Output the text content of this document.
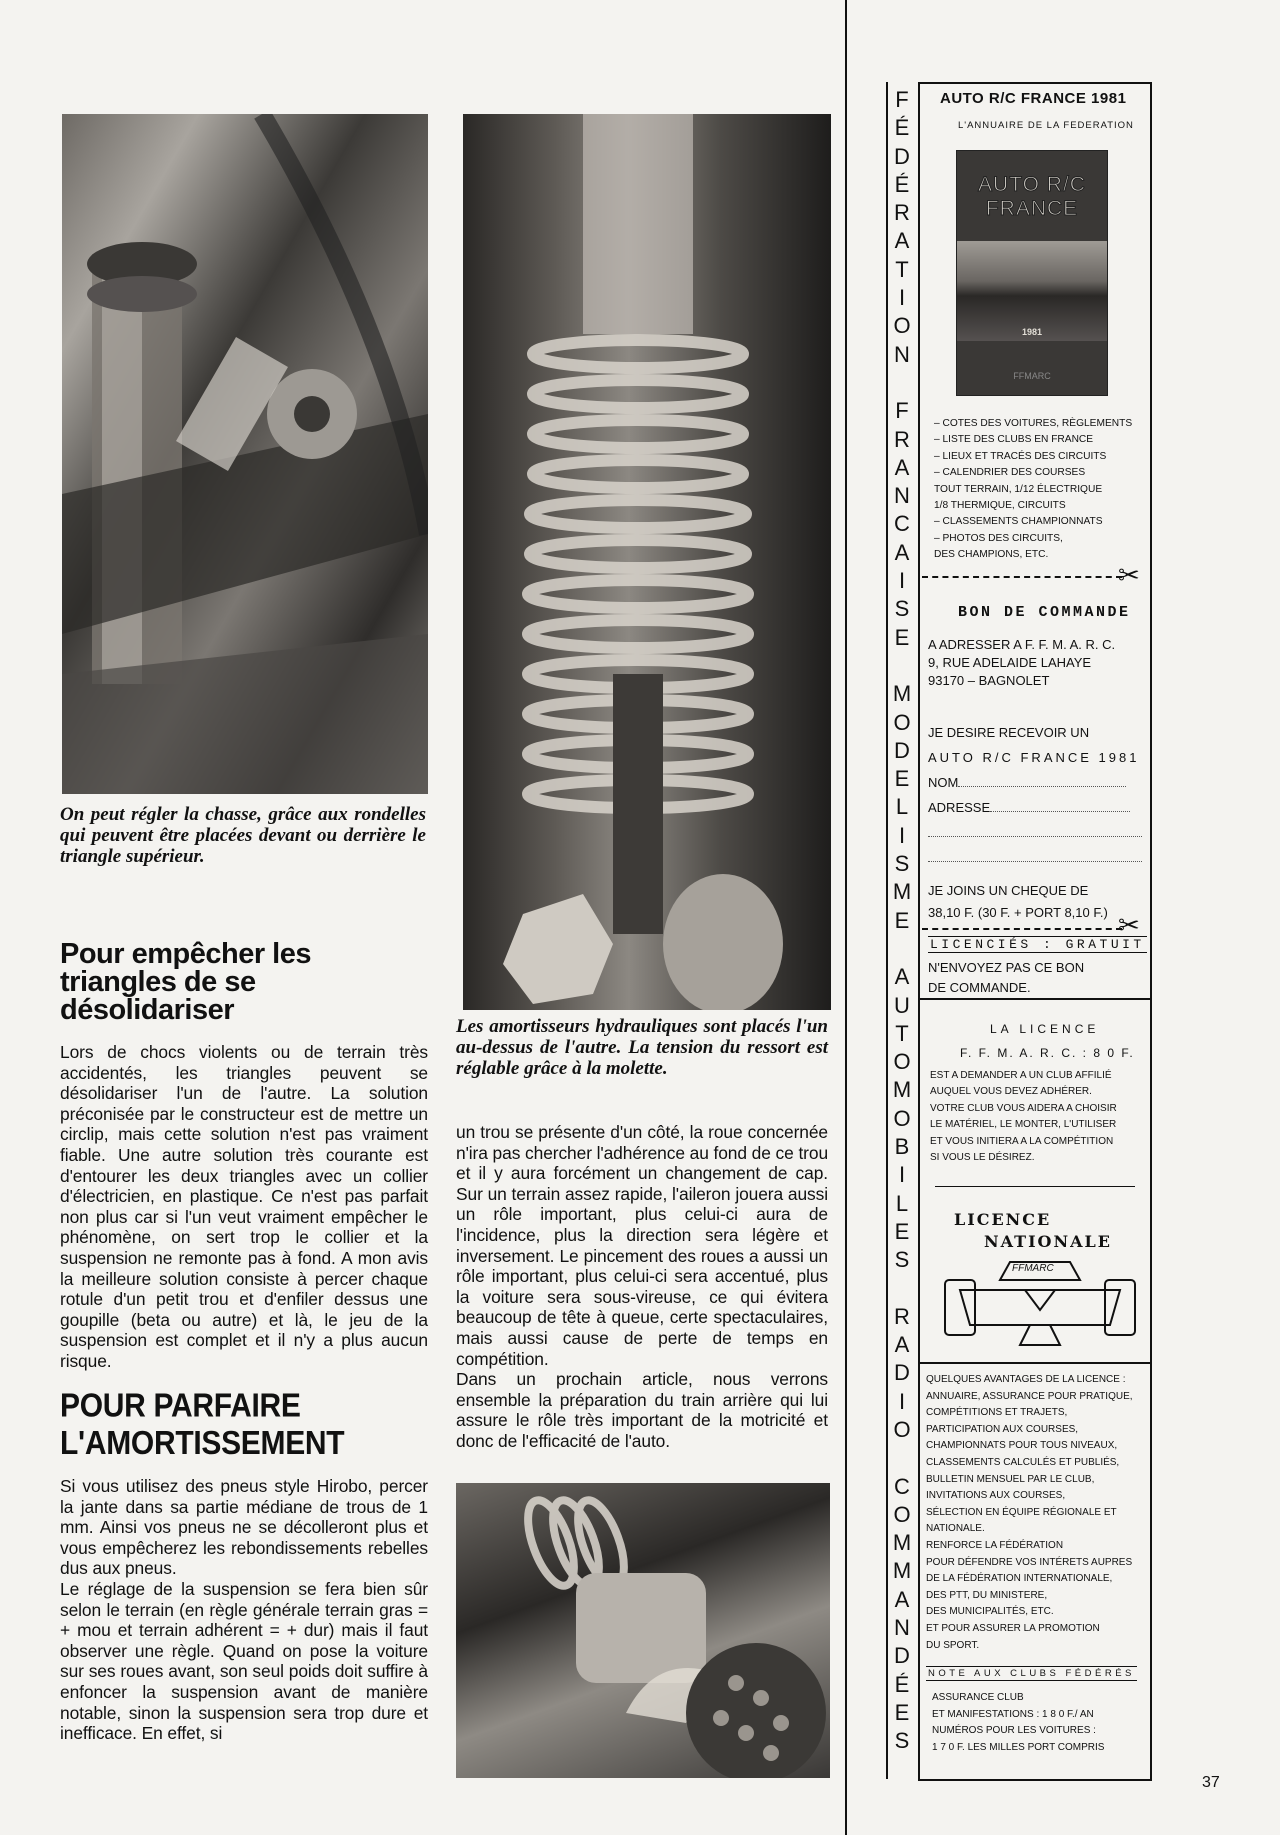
On peut régler la chasse, grâce aux rondelles qui peuvent être placées devant ou derrière le triangle supérieur.

Les amortisseurs hydrauliques sont placés l'un au-dessus de l'autre. La tension du ressort est réglable grâce à la molette.

Pour empêcher les triangles de se désolidariser

Lors de chocs violents ou de terrain très accidentés, les triangles peuvent se désolidariser l'un de l'autre. La solution préconisée par le constructeur est de mettre un circlip, mais cette solution n'est pas vraiment fiable. Une autre solution très courante est d'entourer les deux triangles avec un collier d'électricien, en plastique. Ce n'est pas parfait non plus car si l'un veut vraiment empêcher le phénomène, on sert trop le collier et la suspension ne remonte pas à fond. A mon avis la meilleure solution consiste à percer chaque rotule d'un petit trou et d'enfiler dessus une goupille (beta ou autre) et là, le jeu de la suspension est complet et il n'y a plus aucun risque.

POUR PARFAIRE L'AMORTISSEMENT

Si vous utilisez des pneus style Hirobo, percer la jante dans sa partie médiane de trous de 1 mm. Ainsi vos pneus ne se décolleront plus et vous empêcherez les rebondissements rebelles dus aux pneus.

Le réglage de la suspension se fera bien sûr selon le terrain (en règle générale terrain gras = + mou et terrain adhérent = + dur) mais il faut observer une règle. Quand on pose la voiture sur ses roues avant, son seul poids doit suffire à enfoncer la suspension avant de manière notable, sinon la suspension sera trop dure et inefficace. En effet, si

un trou se présente d'un côté, la roue concernée n'ira pas chercher l'adhérence au fond de ce trou et il y aura forcément un changement de cap. Sur un terrain assez rapide, l'aileron jouera aussi un rôle important, plus celui-ci aura de l'incidence, plus la direction sera légère et inversement. Le pincement des roues a aussi un rôle important, plus celui-ci sera accentué, plus la voiture sera sous-vireuse, ce qui évitera beaucoup de tête à queue, certe spectaculaires, mais aussi cause de perte de temps en compétition.

Dans un prochain article, nous verrons ensemble la préparation du train arrière qui lui assure le rôle très important de la motricité et donc de l'efficacité de l'auto.

F
É
D
É
R
A
T
I
O
N
F
R
A
N
C
A
I
S
E
M
O
D
E
L
I
S
M
E
A
U
T
O
M
O
B
I
L
E
S
R
A
D
I
O
C
O
M
M
A
N
D
É
E
S
AUTO R/C FRANCE 1981
L'ANNUAIRE DE LA FEDERATION
AUTO R/C FRANCE
1981
FFMARC

– COTES DES VOITURES, RÈGLEMENTS

– LISTE DES CLUBS EN FRANCE

– LIEUX ET TRACÉS DES CIRCUITS

– CALENDRIER DES COURSES

TOUT TERRAIN, 1/12 ÉLECTRIQUE

1/8 THERMIQUE, CIRCUITS

– CLASSEMENTS CHAMPIONNATS

– PHOTOS DES CIRCUITS,

DES CHAMPIONS, ETC.

✂
BON DE COMMANDE

A ADRESSER A F. F. M. A. R. C.

9, RUE ADELAIDE LAHAYE

93170 – BAGNOLET

JE DESIRE RECEVOIR UN

AUTO R/C FRANCE 1981

NOM

ADRESSE

JE JOINS UN CHEQUE DE

38,10 F. (30 F. + PORT 8,10 F.) ✂
LICENCIÉS : GRATUIT

N'ENVOYEZ PAS CE BON

DE COMMANDE.

LA LICENCE
F. F. M. A. R. C. : 8 0 F.

EST A DEMANDER A UN CLUB AFFILIÉ

AUQUEL VOUS DEVEZ ADHÉRER.

VOTRE CLUB VOUS AIDERA A CHOISIR

LE MATÉRIEL, LE MONTER, L'UTILISER

ET VOUS INITIERA A LA COMPÉTITION

SI VOUS LE DÉSIREZ.

LICENCE
NATIONALE
FFMARC

QUELQUES AVANTAGES DE LA LICENCE :

ANNUAIRE, ASSURANCE POUR PRATIQUE,

COMPÉTITIONS ET TRAJETS,

PARTICIPATION AUX COURSES,

CHAMPIONNATS POUR TOUS NIVEAUX,

CLASSEMENTS CALCULÉS ET PUBLIÉS,

BULLETIN MENSUEL PAR LE CLUB,

INVITATIONS AUX COURSES,

SÉLECTION EN ÉQUIPE RÉGIONALE ET

NATIONALE.

RENFORCE LA FÉDÉRATION

POUR DÉFENDRE VOS INTÉRETS AUPRES

DE LA FÉDÉRATION INTERNATIONALE,

DES PTT, DU MINISTERE,

DES MUNICIPALITÉS, ETC.

ET POUR ASSURER LA PROMOTION

DU SPORT.

NOTE AUX CLUBS FÉDÉRÉS

ASSURANCE CLUB

ET MANIFESTATIONS : 1 8 0 F./ AN

NUMÉROS POUR LES VOITURES :

1 7 0 F. LES MILLES PORT COMPRIS

37
